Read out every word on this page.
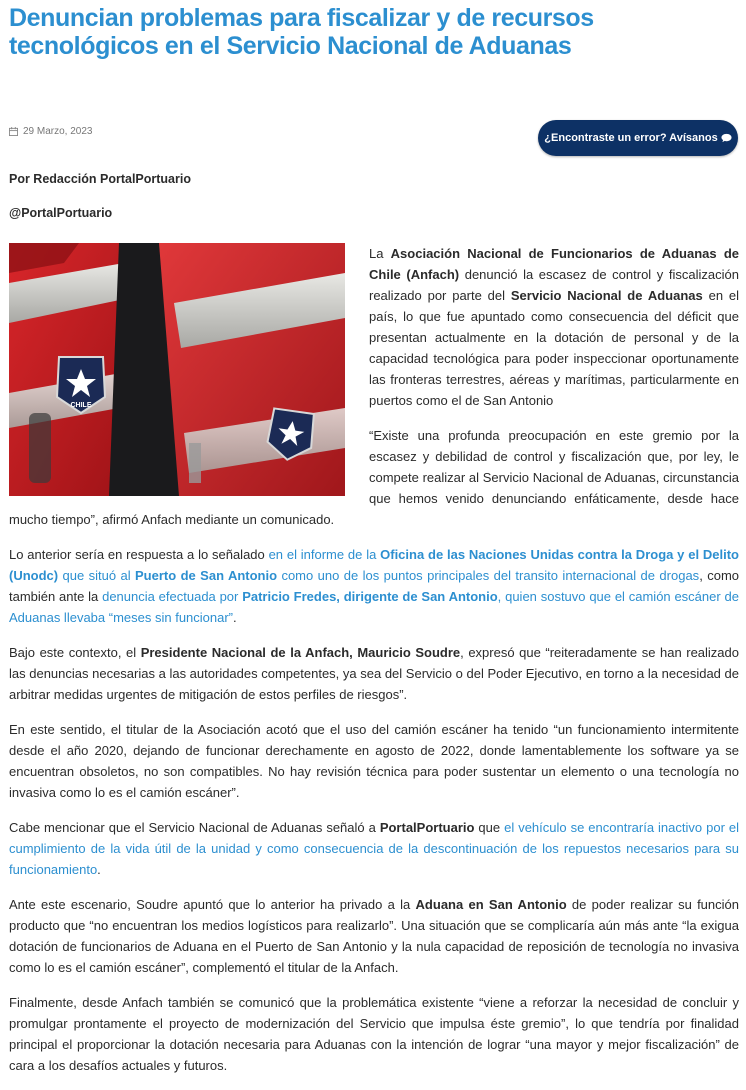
Denuncian problemas para fiscalizar y de recursos tecnológicos en el Servicio Nacional de Aduanas
29 Marzo, 2023
¿Encontraste un error? Avísanos
Por Redacción PortalPortuario
@PortalPortuario
CHILE

La Asociación Nacional de Funcionarios de Aduanas de Chile (Anfach) denunció la escasez de control y fiscalización realizado por parte del Servicio Nacional de Aduanas en el país, lo que fue apuntado como consecuencia del déficit que presentan actualmente en la dotación de personal y de la capacidad tecnológica para poder inspeccionar oportunamente las fronteras terrestres, aéreas y marítimas, particularmente en puertos como el de San Antonio

“Existe una profunda preocupación en este gremio por la escasez y debilidad de control y fiscalización que, por ley, le compete realizar al Servicio Nacional de Aduanas, circunstancia que hemos venido denunciando enfáticamente, desde hace mucho tiempo”, afirmó Anfach mediante un comunicado.

Lo anterior sería en respuesta a lo señalado en el informe de la Oficina de las Naciones Unidas contra la Droga y el Delito (Unodc) que situó al Puerto de San Antonio como uno de los puntos principales del transito internacional de drogas, como también ante la denuncia efectuada por Patricio Fredes, dirigente de San Antonio, quien sostuvo que el camión escáner de Aduanas llevaba “meses sin funcionar”.

Bajo este contexto, el Presidente Nacional de la Anfach, Mauricio Soudre, expresó que “reiteradamente se han realizado las denuncias necesarias a las autoridades competentes, ya sea del Servicio o del Poder Ejecutivo, en torno a la necesidad de arbitrar medidas urgentes de mitigación de estos perfiles de riesgos”.

En este sentido, el titular de la Asociación acotó que el uso del camión escáner ha tenido “un funcionamiento intermitente desde el año 2020, dejando de funcionar derechamente en agosto de 2022, donde lamentablemente los software ya se encuentran obsoletos, no son compatibles. No hay revisión técnica para poder sustentar un elemento o una tecnología no invasiva como lo es el camión escáner”.

Cabe mencionar que el Servicio Nacional de Aduanas señaló a PortalPortuario que el vehículo se encontraría inactivo por el cumplimiento de la vida útil de la unidad y como consecuencia de la descontinuación de los repuestos necesarios para su funcionamiento.

Ante este escenario, Soudre apuntó que lo anterior ha privado a la Aduana en San Antonio de poder realizar su función producto que “no encuentran los medios logísticos para realizarlo”. Una situación que se complicaría aún más ante “la exigua dotación de funcionarios de Aduana en el Puerto de San Antonio y la nula capacidad de reposición de tecnología no invasiva como lo es el camión escáner”, complementó el titular de la Anfach.

Finalmente, desde Anfach también se comunicó que la problemática existente “viene a reforzar la necesidad de concluir y promulgar prontamente el proyecto de modernización del Servicio que impulsa éste gremio”, lo que tendría por finalidad principal el proporcionar la dotación necesaria para Aduanas con la intención de lograr “una mayor y mejor fiscalización” de cara a los desafíos actuales y futuros.
